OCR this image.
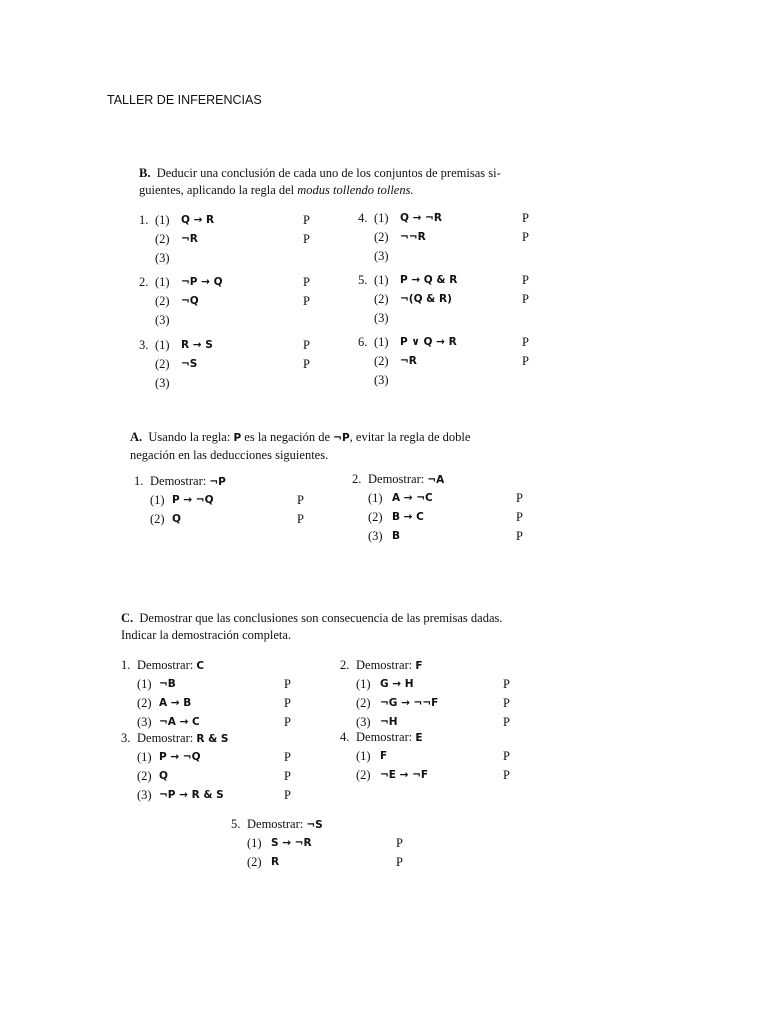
TALLER DE INFERENCIAS
B. Deducir una conclusión de cada uno de los conjuntos de premisas si-
guientes, aplicando la regla del modus tollendo tollens.
1. (1) Q → R	P
(2) ¬R	P
(3)
2. (1) ¬P → Q	P
(2) ¬Q	P
(3)
3. (1) R → S	P
(2) ¬S	P
(3)
4. (1) Q → ¬R	P
(2) ¬¬R	P
(3)
5. (1) P → Q & R	P
(2) ¬(Q & R)	P
(3)
6. (1) P ∨ Q → R	P
(2) ¬R	P
(3)
A. Usando la regla: P es la negación de ¬P, evitar la regla de doble
negación en las deducciones siguientes.
1. Demostrar: ¬P
(1) P → ¬Q	P
(2) Q	P
2. Demostrar: ¬A
(1) A → ¬C	P
(2) B → C	P
(3) B	P
C. Demostrar que las conclusiones son consecuencia de las premisas dadas.
Indicar la demostración completa.
1. Demostrar: C
(1) ¬B	P
(2) A → B	P
(3) ¬A → C	P
2. Demostrar: F
(1) G → H	P
(2) ¬G → ¬¬F	P
(3) ¬H	P
3. Demostrar: R & S
(1) P → ¬Q	P
(2) Q	P
(3) ¬P → R & S	P
4. Demostrar: E
(1) F	P
(2) ¬E → ¬F	P
5. Demostrar: ¬S
(1) S → ¬R	P
(2) R	P
